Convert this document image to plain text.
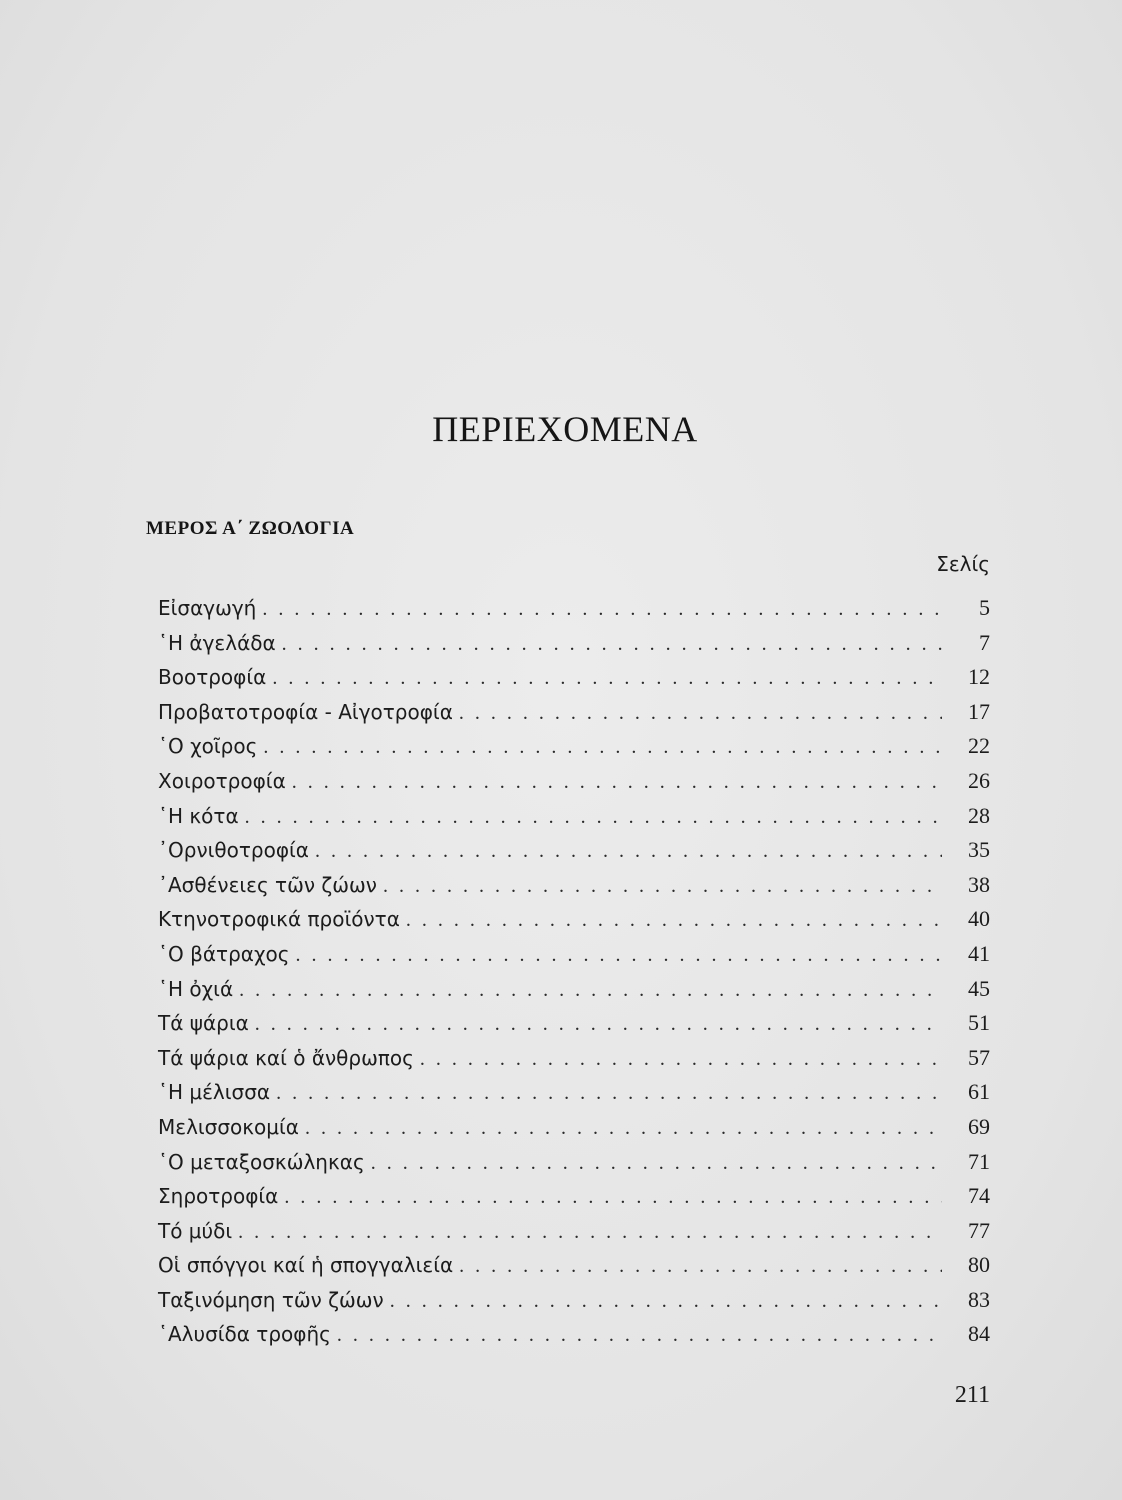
ΠΕΡΙΕΧΟΜΕΝΑ
ΜΕΡΟΣ Α΄ ΖΩΟΛΟΓΙΑ
Σελίς
Εἰσαγωγή . . .	5
῾Η ἀγελάδα . . .	7
Βοοτροφία . . .	12
Προβατοτροφία - Αἰγοτροφία . . .	17
῾Ο χοῖρος . . .	22
Χοιροτροφία . . .	26
῾Η κότα . . .	28
᾿Ορνιθοτροφία . . .	35
᾿Ασθένειες τῶν ζώων . . .	38
Κτηνοτροφικά προϊόντα . . .	40
῾Ο βάτραχος . . .	41
῾Η ὀχιά . . .	45
Τά ψάρια . . .	51
Τά ψάρια καί ὁ ἄνθρωπος . . .	57
῾Η μέλισσα . . .	61
Μελισσοκομία . . .	69
῾Ο μεταξοσκώληκας . . .	71
Σηροτροφία . . .	74
Τό μύδι . . .	77
Οἱ σπόγγοι καί ἡ σπογγαλιεία . . .	80
Ταξινόμηση τῶν ζώων . . .	83
῾Αλυσίδα τροφῆς . . .	84
211
